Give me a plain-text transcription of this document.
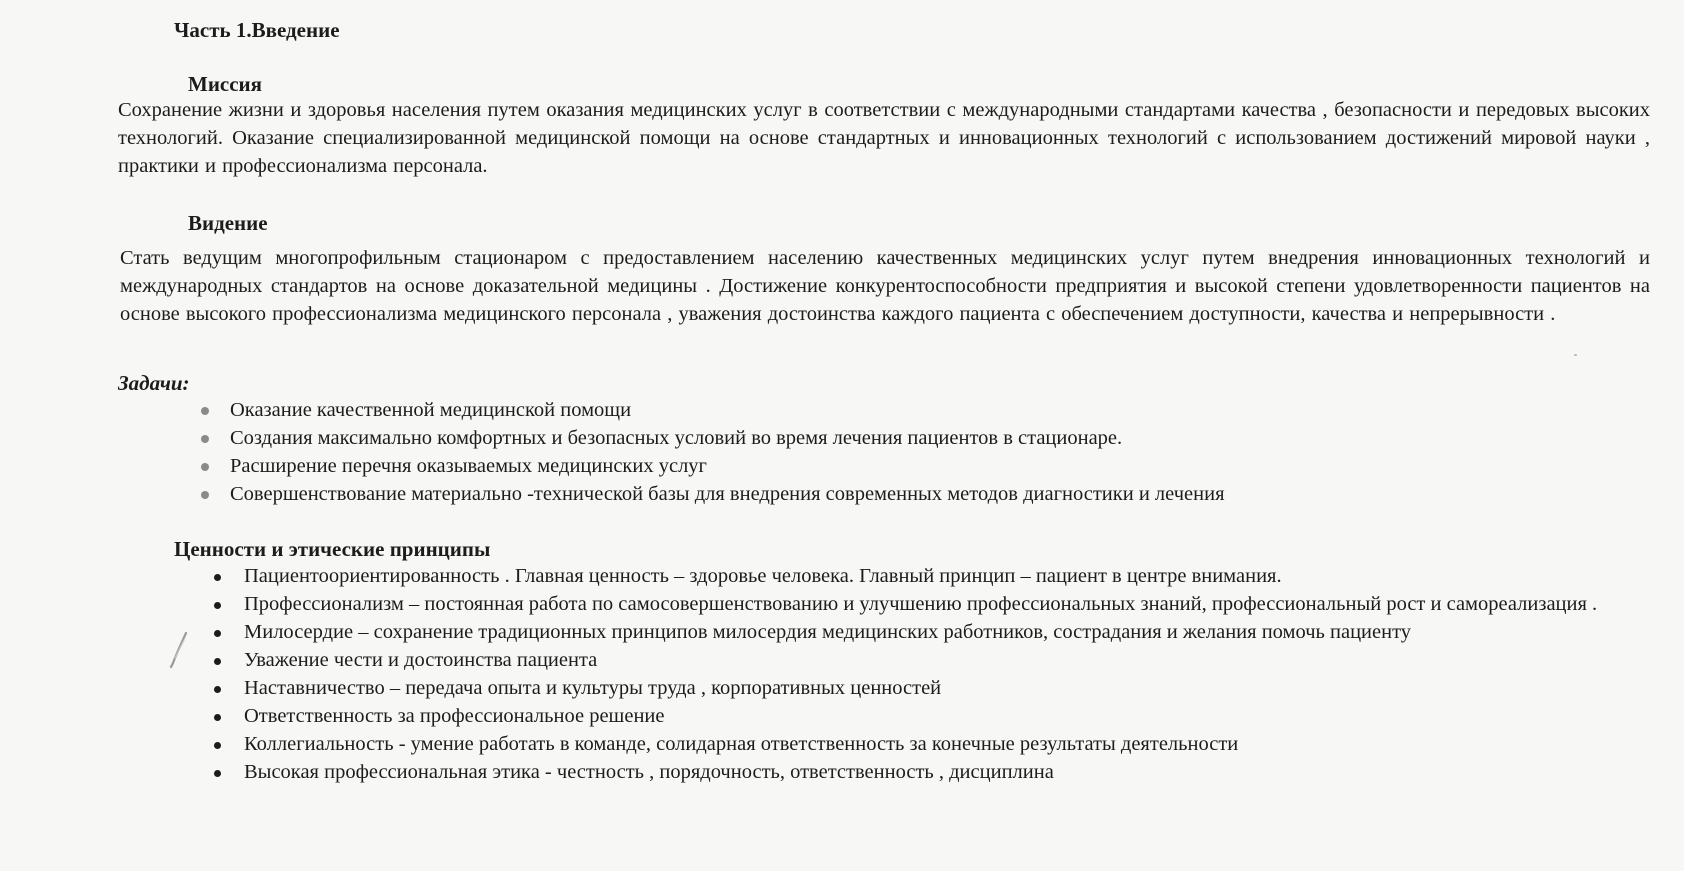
Часть 1.Введение
Миссия

Сохранение жизни и здоровья населения путем оказания медицинских услуг в соответствии с международными стандартами качества , безопасности и передовых высоких технологий. Оказание специализированной медицинской помощи на основе стандартных и инновационных технологий с использованием достижений мировой науки , практики и профессионализма персонала.

Видение

Стать ведущим многопрофильным стационаром с предоставлением населению качественных медицинских услуг путем внедрения инновационных технологий и международных стандартов на основе доказательной медицины . Достижение конкурентоспособности предприятия и высокой степени удовлетворенности пациентов на основе высокого профессионализма медицинского персонала , уважения достоинства каждого пациента с обеспечением доступности, качества и непрерывности .

Задачи:
Оказание качественной медицинской помощи
Создания максимально комфортных и безопасных условий во время лечения пациентов в стационаре.
Расширение перечня оказываемых медицинских услуг
Совершенствование материально -технической базы для внедрения современных методов диагностики и лечения
Ценности и этические принципы
Пациентоориентированность . Главная ценность – здоровье человека. Главный принцип – пациент в центре внимания.
Профессионализм – постоянная работа по самосовершенствованию и улучшению профессиональных знаний, профессиональный рост и самореализация .
Милосердие – сохранение традиционных принципов милосердия медицинских работников, сострадания и желания помочь пациенту
Уважение чести и достоинства пациента
Наставничество – передача опыта и культуры труда , корпоративных ценностей
Ответственность за профессиональное решение
Коллегиальность - умение работать в команде, солидарная ответственность за конечные результаты деятельности
Высокая профессиональная этика - честность , порядочность, ответственность , дисциплина
